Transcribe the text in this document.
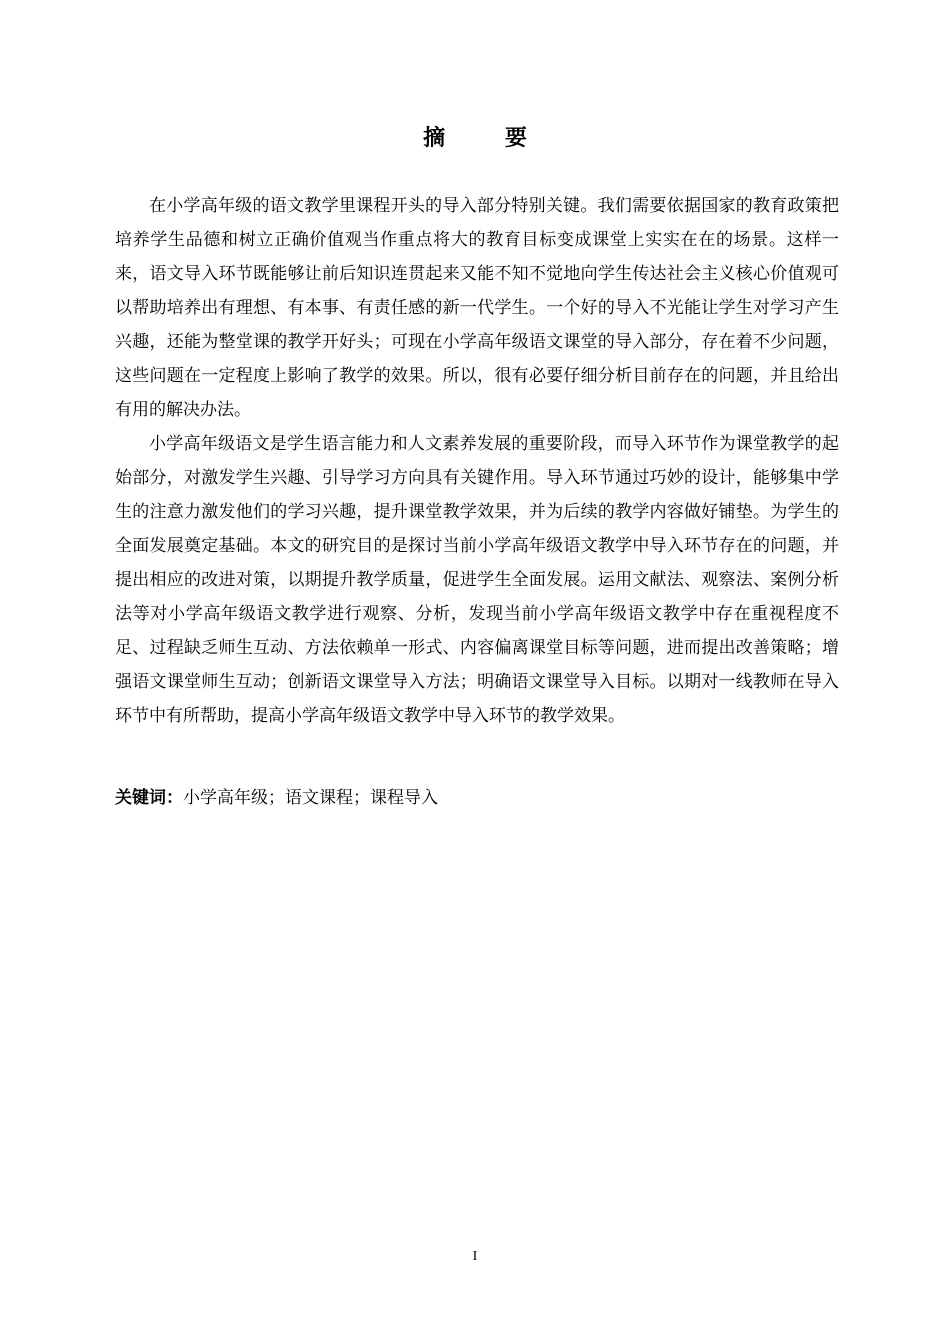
摘 要

在小学高年级的语文教学里课程开头的导入部分特别关键。我们需要依据国家的教育政策把培养学生品德和树立正确价值观当作重点将大的教育目标变成课堂上实实在在的场景。这样一来，语文导入环节既能够让前后知识连贯起来又能不知不觉地向学生传达社会主义核心价值观可以帮助培养出有理想、有本事、有责任感的新一代学生。一个好的导入不光能让学生对学习产生兴趣，还能为整堂课的教学开好头；可现在小学高年级语文课堂的导入部分，存在着不少问题，这些问题在一定程度上影响了教学的效果。所以，很有必要仔细分析目前存在的问题，并且给出有用的解决办法。

小学高年级语文是学生语言能力和人文素养发展的重要阶段，而导入环节作为课堂教学的起始部分，对激发学生兴趣、引导学习方向具有关键作用。导入环节通过巧妙的设计，能够集中学生的注意力激发他们的学习兴趣，提升课堂教学效果，并为后续的教学内容做好铺垫。为学生的全面发展奠定基础。本文的研究目的是探讨当前小学高年级语文教学中导入环节存在的问题，并提出相应的改进对策，以期提升教学质量，促进学生全面发展。运用文献法、观察法、案例分析法等对小学高年级语文教学进行观察、分析，发现当前小学高年级语文教学中存在重视程度不足、过程缺乏师生互动、方法依赖单一形式、内容偏离课堂目标等问题，进而提出改善策略；增强语文课堂师生互动；创新语文课堂导入方法；明确语文课堂导入目标。以期对一线教师在导入环节中有所帮助，提高小学高年级语文教学中导入环节的教学效果。

关键词：小学高年级；语文课程；课程导入
I
